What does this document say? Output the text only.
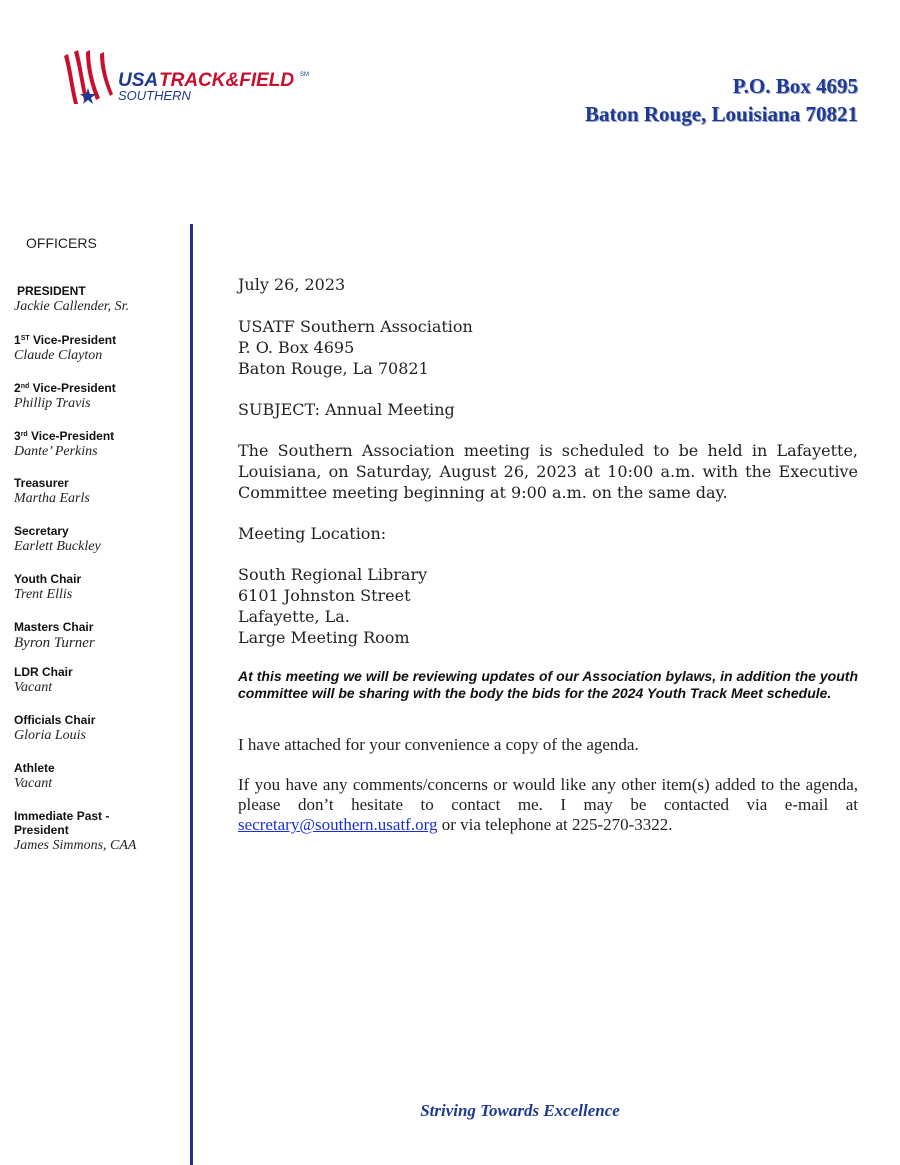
USA TRACK&FIELD SM
SOUTHERN	P.O. Box 4695
Baton Rouge, Louisiana 70821
OFFICERS
PRESIDENT
Jackie Callender, Sr.
1ST Vice-President
Claude Clayton
2nd Vice-President
Phillip Travis
3rd Vice-President
Dante’ Perkins
Treasurer
Martha Earls
Secretary
Earlett Buckley
Youth Chair
Trent Ellis
Masters Chair
Byron Turner
LDR Chair
Vacant
Officials Chair
Gloria Louis
Athlete
Vacant
Immediate Past -
President
James Simmons, CAA
July 26, 2023
USATF Southern Association
P. O. Box 4695
Baton Rouge, La 70821
SUBJECT: Annual Meeting
The Southern Association meeting is scheduled to be held in Lafayette, Louisiana, on Saturday, August 26, 2023 at 10:00 a.m. with the Executive Committee meeting beginning at 9:00 a.m. on the same day.
Meeting Location:
South Regional Library
6101 Johnston Street
Lafayette, La.
Large Meeting Room
At this meeting we will be reviewing updates of our Association bylaws, in addition the youth committee will be sharing with the body the bids for the 2024 Youth Track Meet schedule.
I have attached for your convenience a copy of the agenda.
If you have any comments/concerns or would like any other item(s) added to the agenda, please don’t hesitate to contact me. I may be contacted via e-mail at secretary@southern.usatf.org or via telephone at 225-270-3322.
Striving Towards Excellence
